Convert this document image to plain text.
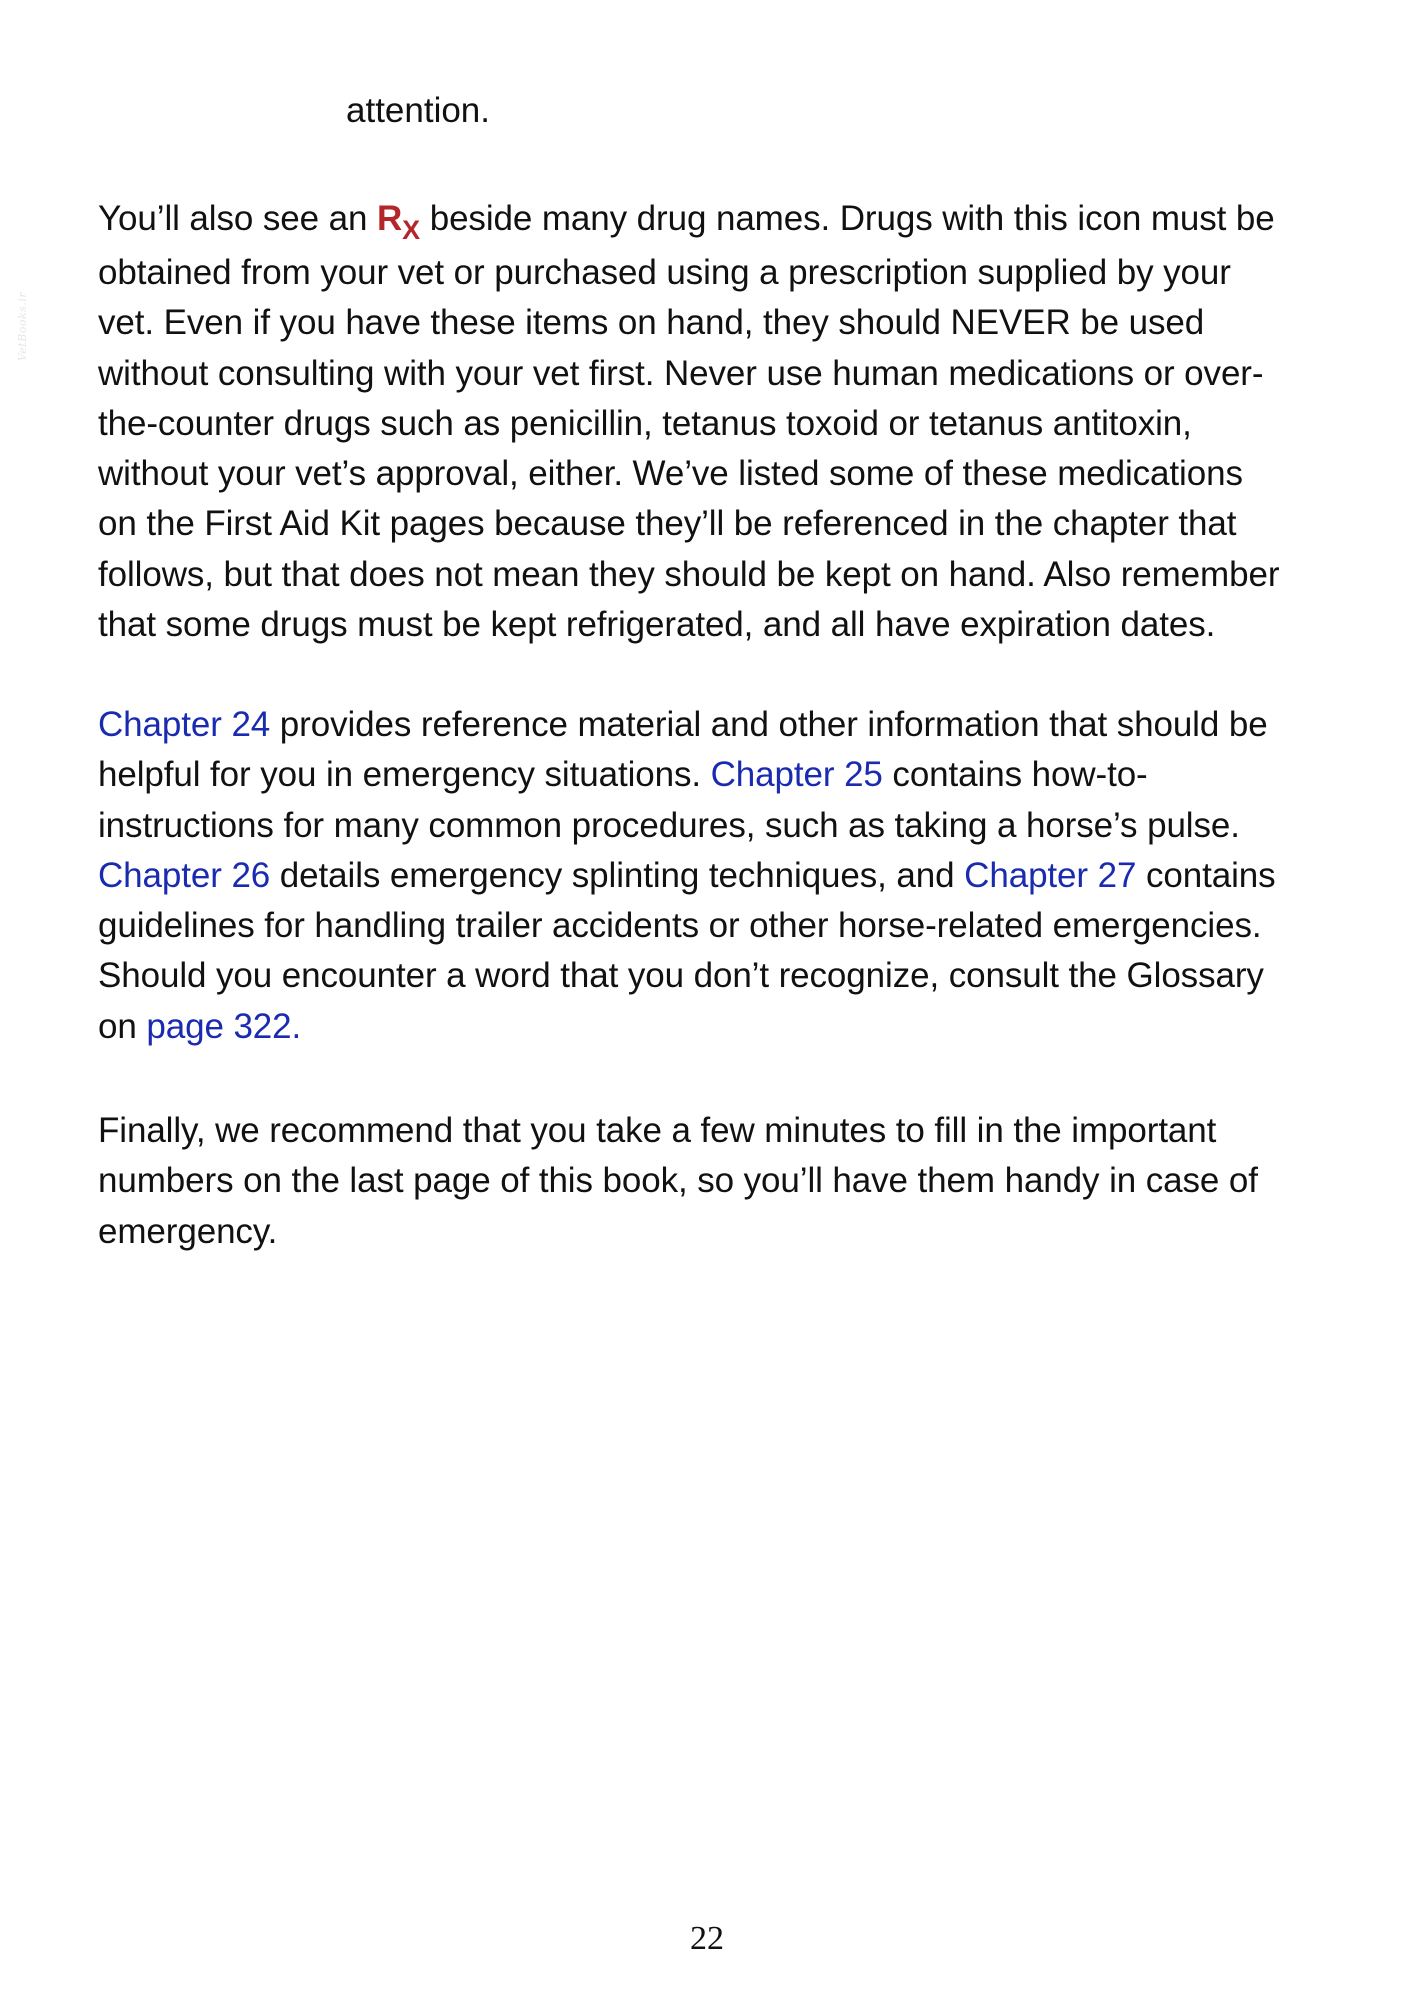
VetBooks.ir

attention.

You’ll also see an $R_X$ beside many drug names. Drugs with this icon must be
obtained from your vet or purchased using a prescription supplied by your
vet. Even if you have these items on hand, they should NEVER be used
without consulting with your vet first. Never use human medications or over-
the-counter drugs such as penicillin, tetanus toxoid or tetanus antitoxin,
without your vet’s approval, either. We’ve listed some of these medications
on the First Aid Kit pages because they’ll be referenced in the chapter that
follows, but that does not mean they should be kept on hand. Also remember
that some drugs must be kept refrigerated, and all have expiration dates.

Chapter 24 provides reference material and other information that should be
helpful for you in emergency situations. Chapter 25 contains how-to-
instructions for many common procedures, such as taking a horse’s pulse.
Chapter 26 details emergency splinting techniques, and Chapter 27 contains
guidelines for handling trailer accidents or other horse-related emergencies.
Should you encounter a word that you don’t recognize, consult the Glossary
on page 322.

Finally, we recommend that you take a few minutes to fill in the important
numbers on the last page of this book, so you’ll have them handy in case of
emergency.

22
